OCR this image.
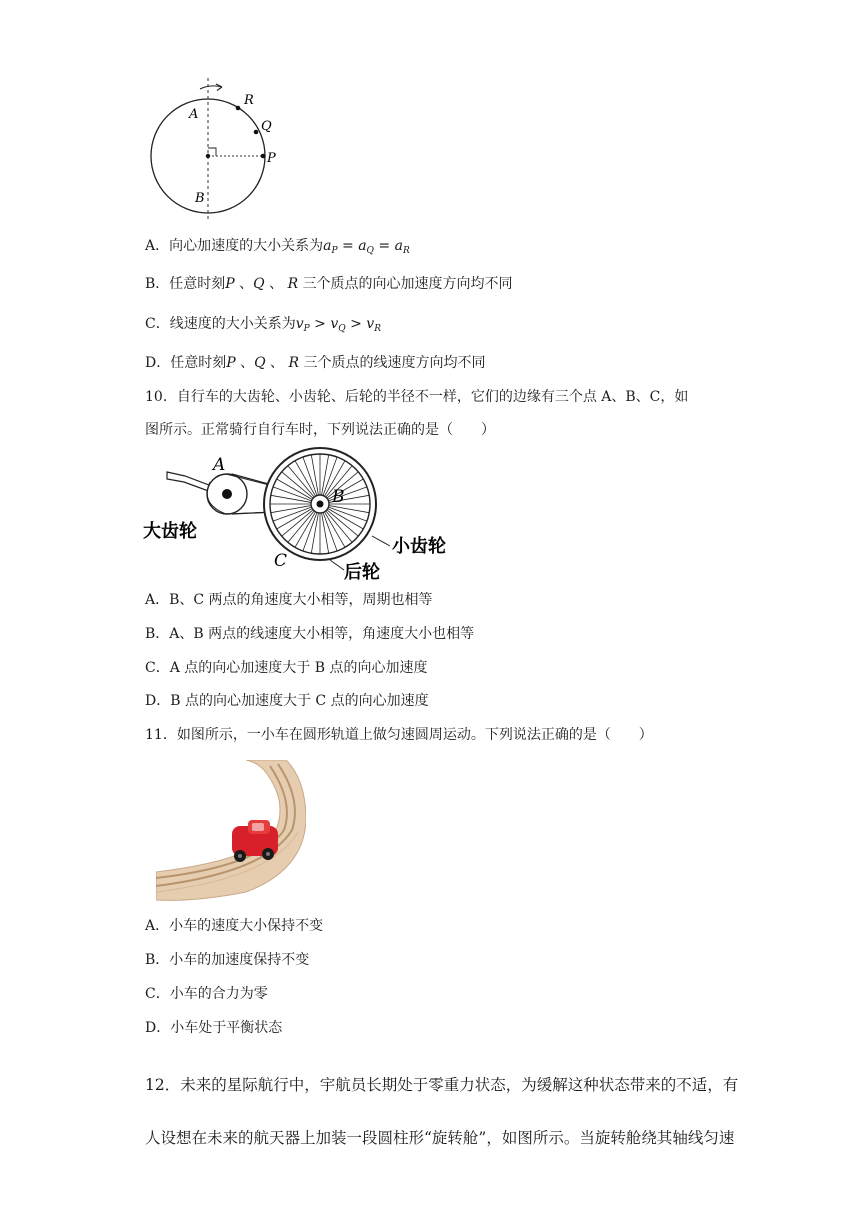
R
Q
P
A
B
A．向心加速度的大小关系为$a_P = a_Q = a_R$
B．任意时刻P 、Q 、 R 三个质点的向心加速度方向均不同
C．线速度的大小关系为$v_P > v_Q > v_R$
D．任意时刻P 、Q 、 R 三个质点的线速度方向均不同
10．自行车的大齿轮、小齿轮、后轮的半径不一样，它们的边缘有三个点 A、B、C，如
图所示。正常骑行自行车时，下列说法正确的是（　　）
A
B
C
大齿轮
小齿轮
后轮
A．B、C 两点的角速度大小相等，周期也相等
B．A、B 两点的线速度大小相等，角速度大小也相等
C．A 点的向心加速度大于 B 点的向心加速度
D．B 点的向心加速度大于 C 点的向心加速度
11．如图所示，一小车在圆形轨道上做匀速圆周运动。下列说法正确的是（　　）
A．小车的速度大小保持不变
B．小车的加速度保持不变
C．小车的合力为零
D．小车处于平衡状态
12．未来的星际航行中，宇航员长期处于零重力状态，为缓解这种状态带来的不适，有
人设想在未来的航天器上加装一段圆柱形“旋转舱”，如图所示。当旋转舱绕其轴线匀速
